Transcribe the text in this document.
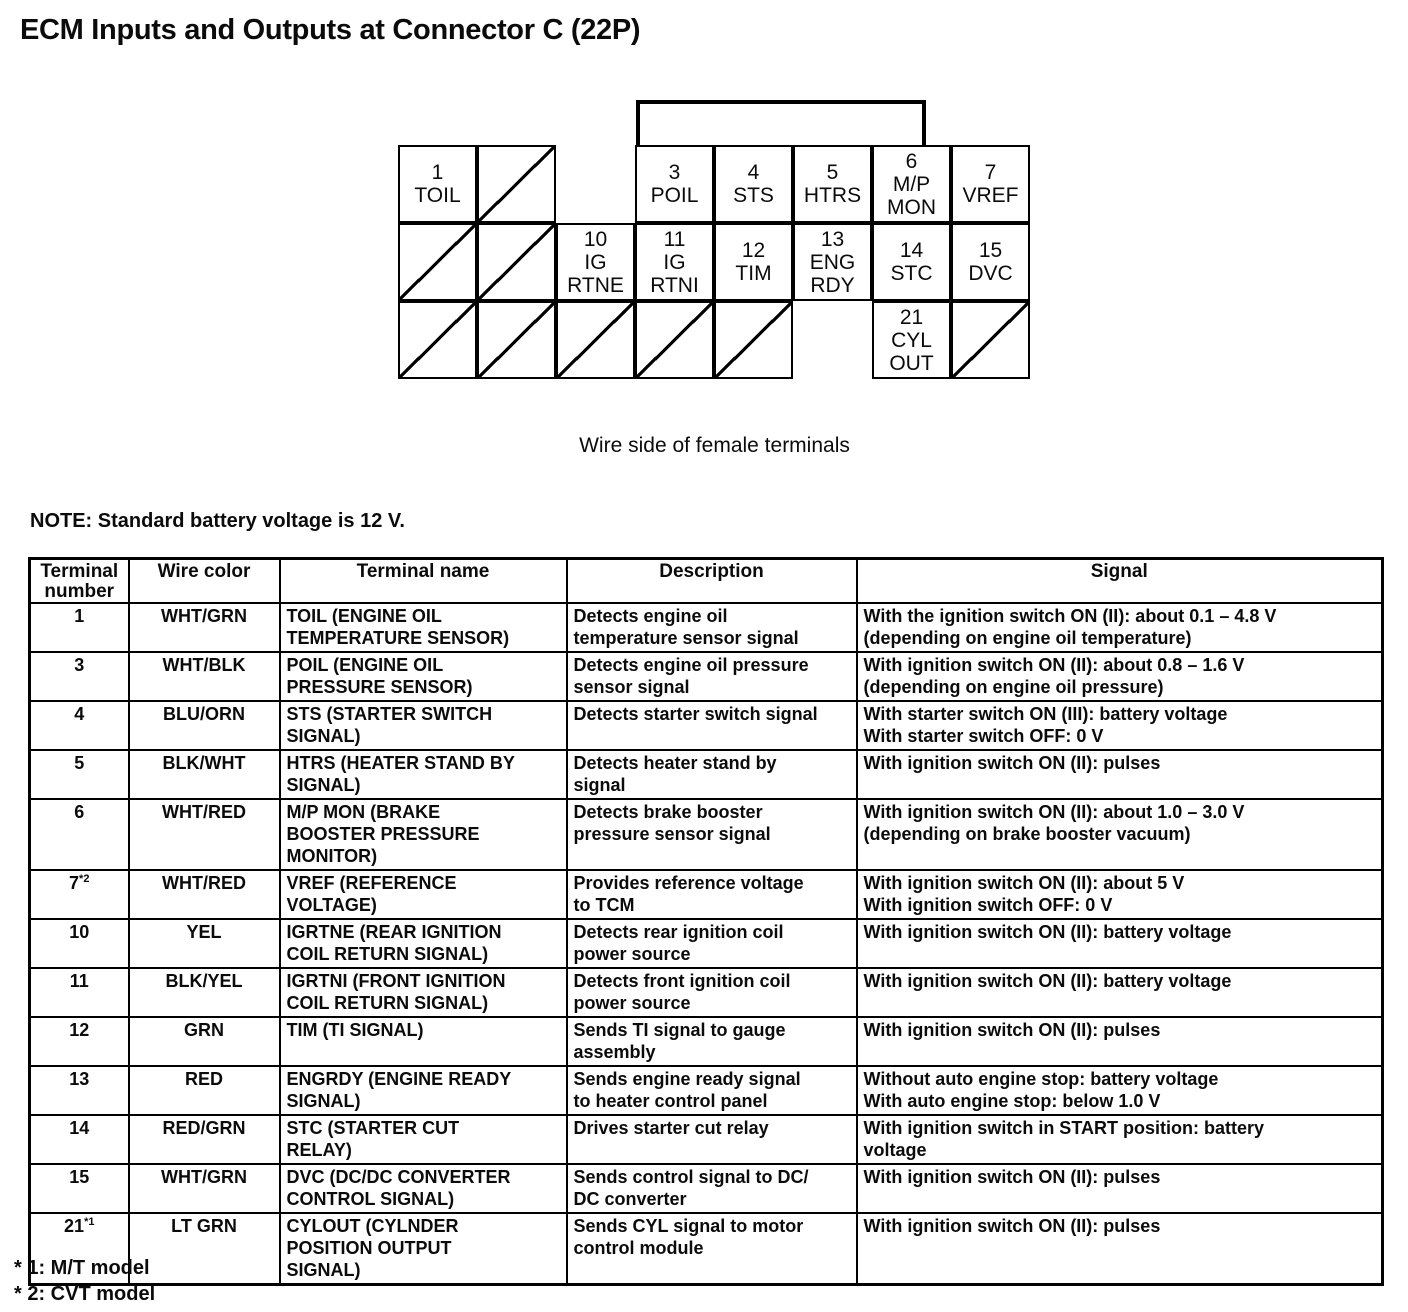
ECM Inputs and Outputs at Connector C (22P)
1
TOIL
3
POIL
4
STS
5
HTRS
6
M/P
MON
7
VREF
10
IG
RTNE
11
IG
RTNI
12
TIM
13
ENG
RDY
14
STC
15
DVC
21
CYL
OUT
Wire side of female terminals
NOTE: Standard battery voltage is 12 V.
Terminal number	Wire color	Terminal name	Description	Signal
1	WHT/GRN	TOIL (ENGINE OIL
TEMPERATURE SENSOR)	Detects engine oil
temperature sensor signal	With the ignition switch ON (II): about 0.1 – 4.8 V
(depending on engine oil temperature)

3	WHT/BLK	POIL (ENGINE OIL
PRESSURE SENSOR)	Detects engine oil pressure
sensor signal	With ignition switch ON (II): about 0.8 – 1.6 V
(depending on engine oil pressure)

4	BLU/ORN	STS (STARTER SWITCH
SIGNAL)	Detects starter switch signal	With starter switch ON (III): battery voltage
With starter switch OFF: 0 V

5	BLK/WHT	HTRS (HEATER STAND BY
SIGNAL)	Detects heater stand by
signal	With ignition switch ON (II): pulses

6	WHT/RED	M/P MON (BRAKE
BOOSTER PRESSURE
MONITOR)	Detects brake booster
pressure sensor signal	With ignition switch ON (II): about 1.0 – 3.0 V
(depending on brake booster vacuum)

7$^{*2}$	WHT/RED	VREF (REFERENCE
VOLTAGE)	Provides reference voltage
to TCM	With ignition switch ON (II): about 5 V
With ignition switch OFF: 0 V

10	YEL	IGRTNE (REAR IGNITION
COIL RETURN SIGNAL)	Detects rear ignition coil
power source	With ignition switch ON (II): battery voltage

11	BLK/YEL	IGRTNI (FRONT IGNITION
COIL RETURN SIGNAL)	Detects front ignition coil
power source	With ignition switch ON (II): battery voltage

12	GRN	TIM (TI SIGNAL)	Sends TI signal to gauge
assembly	With ignition switch ON (II): pulses

13	RED	ENGRDY (ENGINE READY
SIGNAL)	Sends engine ready signal
to heater control panel	Without auto engine stop: battery voltage
With auto engine stop: below 1.0 V

14	RED/GRN	STC (STARTER CUT
RELAY)	Drives starter cut relay	With ignition switch in START position: battery
voltage

15	WHT/GRN	DVC (DC/DC CONVERTER
CONTROL SIGNAL)	Sends control signal to DC/
DC converter	With ignition switch ON (II): pulses

21$^{*1}$	LT GRN	CYLOUT (CYLNDER
POSITION OUTPUT
SIGNAL)	Sends CYL signal to motor
control module	With ignition switch ON (II): pulses
* 1: M/T model
* 2: CVT model
